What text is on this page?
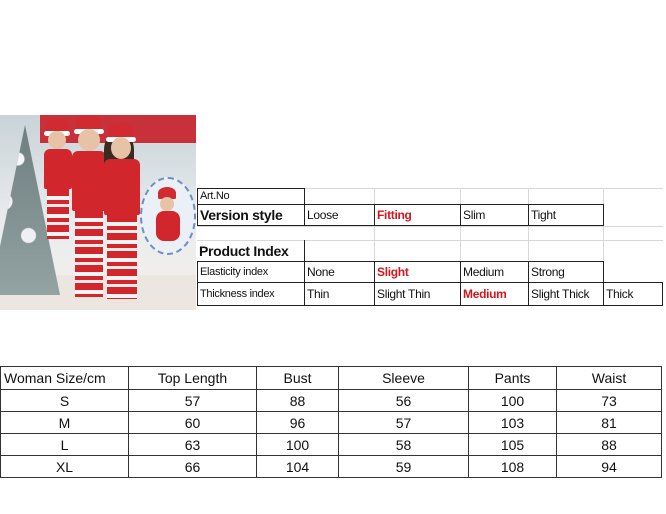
Art.No
Version style	Loose	Fitting	Slim	Tight
Product Index
Elasticity index	None	Slight	Medium	Strong
Thickness index	Thin	Slight Thin	Medium	Slight Thick	Thick
Woman Size/cm	Top Length	Bust	Sleeve	Pants	Waist
S	57	88	56	100	73
M	60	96	57	103	81
L	63	100	58	105	88
XL	66	104	59	108	94
